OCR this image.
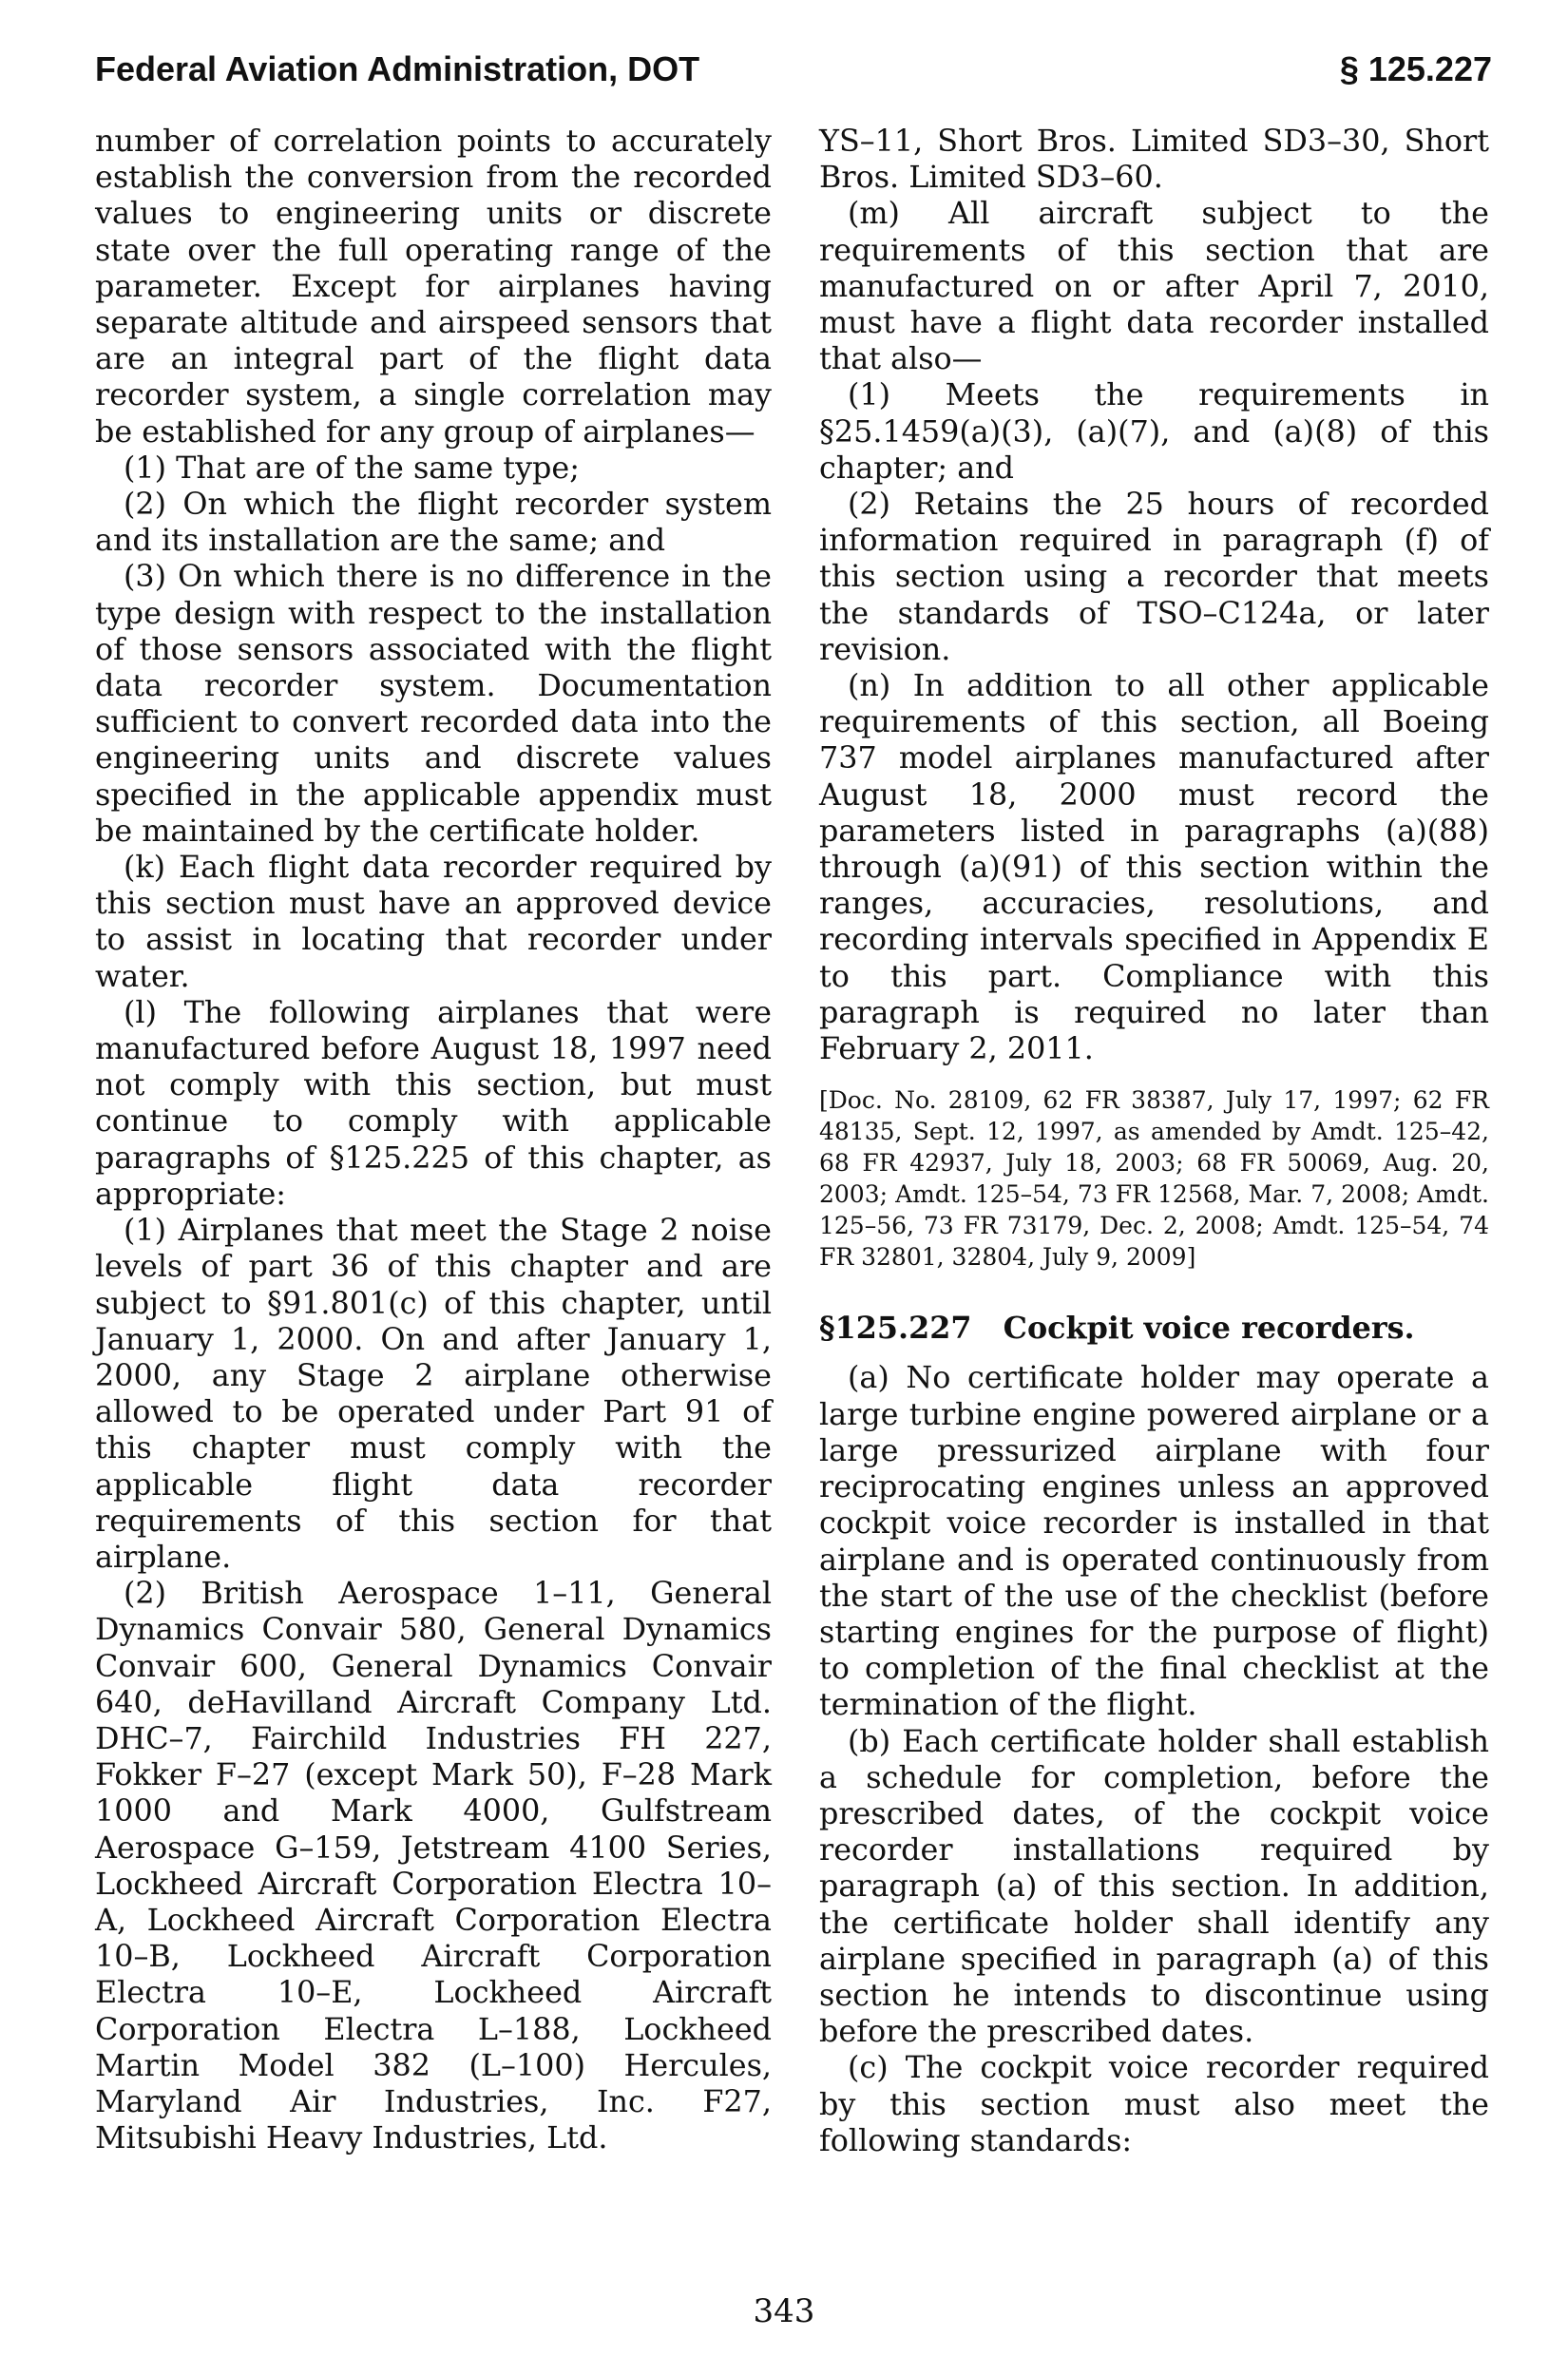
Federal Aviation Administration, DOT	§ 125.227

number of correlation points to accurately establish the conversion from the recorded values to engineering units or discrete state over the full operating range of the parameter. Except for airplanes having separate altitude and airspeed sensors that are an integral part of the flight data recorder system, a single correlation may be established for any group of airplanes—

(1) That are of the same type;

(2) On which the flight recorder system and its installation are the same; and

(3) On which there is no difference in the type design with respect to the installation of those sensors associated with the flight data recorder system. Documentation sufficient to convert recorded data into the engineering units and discrete values specified in the applicable appendix must be maintained by the certificate holder.

(k) Each flight data recorder required by this section must have an approved device to assist in locating that recorder under water.

(l) The following airplanes that were manufactured before August 18, 1997 need not comply with this section, but must continue to comply with applicable paragraphs of §125.225 of this chapter, as appropriate:

(1) Airplanes that meet the Stage 2 noise levels of part 36 of this chapter and are subject to §91.801(c) of this chapter, until January 1, 2000. On and after January 1, 2000, any Stage 2 airplane otherwise allowed to be operated under Part 91 of this chapter must comply with the applicable flight data recorder requirements of this section for that airplane.

(2) British Aerospace 1–11, General Dynamics Convair 580, General Dynamics Convair 600, General Dynamics Convair 640, deHavilland Aircraft Company Ltd. DHC–7, Fairchild Industries FH 227, Fokker F–27 (except Mark 50), F–28 Mark 1000 and Mark 4000, Gulfstream Aerospace G–159, Jetstream 4100 Series, Lockheed Aircraft Corporation Electra 10–A, Lockheed Aircraft Corporation Electra 10–B, Lockheed Aircraft Corporation Electra 10–E, Lockheed Aircraft Corporation Electra L–188, Lockheed Martin Model 382 (L–100) Hercules, Maryland Air Industries, Inc. F27, Mitsubishi Heavy Industries, Ltd.

YS–11, Short Bros. Limited SD3–30, Short Bros. Limited SD3–60.

(m) All aircraft subject to the requirements of this section that are manufactured on or after April 7, 2010, must have a flight data recorder installed that also—

(1) Meets the requirements in §25.1459(a)(3), (a)(7), and (a)(8) of this chapter; and

(2) Retains the 25 hours of recorded information required in paragraph (f) of this section using a recorder that meets the standards of TSO–C124a, or later revision.

(n) In addition to all other applicable requirements of this section, all Boeing 737 model airplanes manufactured after August 18, 2000 must record the parameters listed in paragraphs (a)(88) through (a)(91) of this section within the ranges, accuracies, resolutions, and recording intervals specified in Appendix E to this part. Compliance with this paragraph is required no later than February 2, 2011.

[Doc. No. 28109, 62 FR 38387, July 17, 1997; 62 FR 48135, Sept. 12, 1997, as amended by Amdt. 125–42, 68 FR 42937, July 18, 2003; 68 FR 50069, Aug. 20, 2003; Amdt. 125–54, 73 FR 12568, Mar. 7, 2008; Amdt. 125–56, 73 FR 73179, Dec. 2, 2008; Amdt. 125–54, 74 FR 32801, 32804, July 9, 2009]

§125.227 Cockpit voice recorders.

(a) No certificate holder may operate a large turbine engine powered airplane or a large pressurized airplane with four reciprocating engines unless an approved cockpit voice recorder is installed in that airplane and is operated continuously from the start of the use of the checklist (before starting engines for the purpose of flight) to completion of the final checklist at the termination of the flight.

(b) Each certificate holder shall establish a schedule for completion, before the prescribed dates, of the cockpit voice recorder installations required by paragraph (a) of this section. In addition, the certificate holder shall identify any airplane specified in paragraph (a) of this section he intends to discontinue using before the prescribed dates.

(c) The cockpit voice recorder required by this section must also meet the following standards:

343
